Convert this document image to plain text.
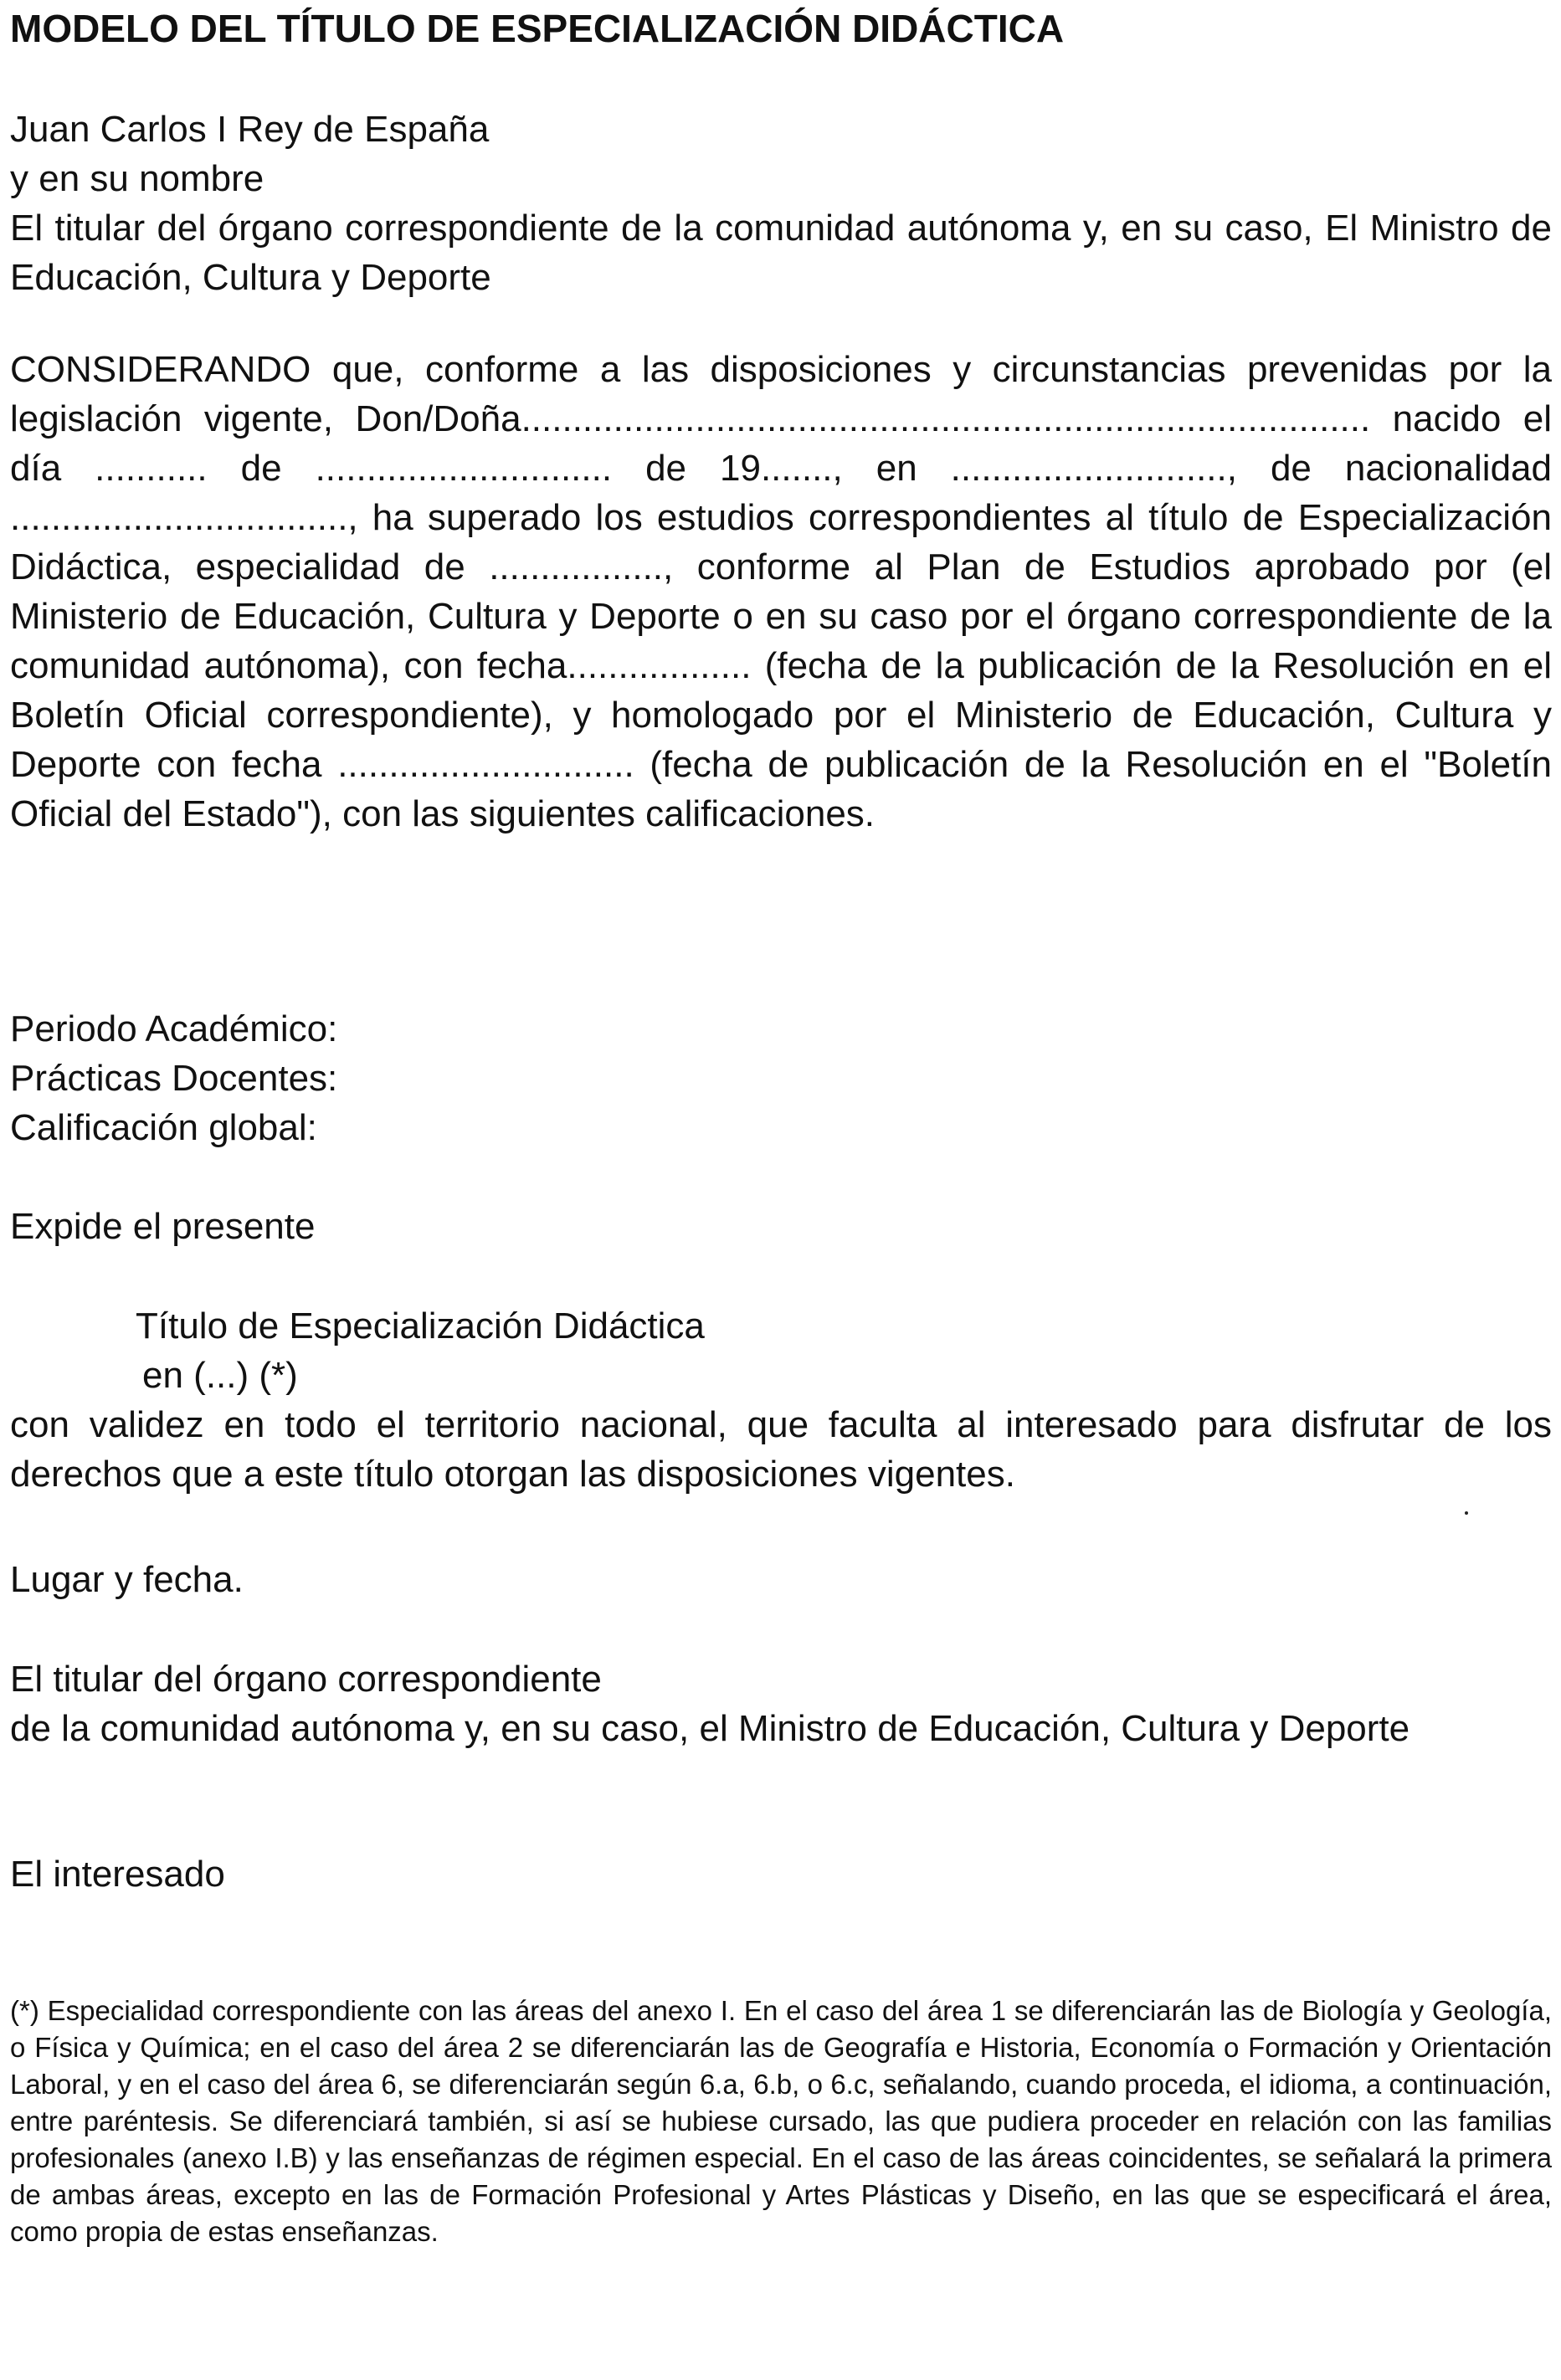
MODELO DEL TÍTULO DE ESPECIALIZACIÓN DIDÁCTICA
Juan Carlos I Rey de España
y en su nombre
El titular del órgano correspondiente de la comunidad autónoma y, en su caso, El Ministro de Educación, Cultura y Deporte
CONSIDERANDO que, conforme a las disposiciones y circunstancias prevenidas por la legislación vigente, Don/Doña................................................................................... nacido el día ........... de ............................. de 19......., en ..........................., de nacionalidad ................................., ha superado los estudios correspondientes al título de Especialización Didáctica, especialidad de ................., conforme al Plan de Estudios aprobado por (el Ministerio de Educación, Cultura y Deporte o en su caso por el órgano correspondiente de la comunidad autónoma), con fecha.................. (fecha de la publicación de la Resolución en el Boletín Oficial correspondiente), y homologado por el Ministerio de Educación, Cultura y Deporte con fecha ............................. (fecha de publicación de la Resolución en el "Boletín Oficial del Estado"), con las siguientes calificaciones.
Periodo Académico:
Prácticas Docentes:
Calificación global:
Expide el presente
Título de Especialización Didáctica
en (...) (*)
con validez en todo el territorio nacional, que faculta al interesado para disfrutar de los derechos que a este título otorgan las disposiciones vigentes.
Lugar y fecha.
El titular del órgano correspondiente
de la comunidad autónoma y, en su caso, el Ministro de Educación, Cultura y Deporte
El interesado
(*) Especialidad correspondiente con las áreas del anexo I. En el caso del área 1 se diferenciarán las de Biología y Geología, o Física y Química; en el caso del área 2 se diferenciarán las de Geografía e Historia, Economía o Formación y Orientación Laboral, y en el caso del área 6, se diferenciarán según 6.a, 6.b, o 6.c, señalando, cuando proceda, el idioma, a continuación, entre paréntesis. Se diferenciará también, si así se hubiese cursado, las que pudiera proceder en relación con las familias profesionales (anexo I.B) y las enseñanzas de régimen especial. En el caso de las áreas coincidentes, se señalará la primera de ambas áreas, excepto en las de Formación Profesional y Artes Plásticas y Diseño, en las que se especificará el área, como propia de estas enseñanzas.
